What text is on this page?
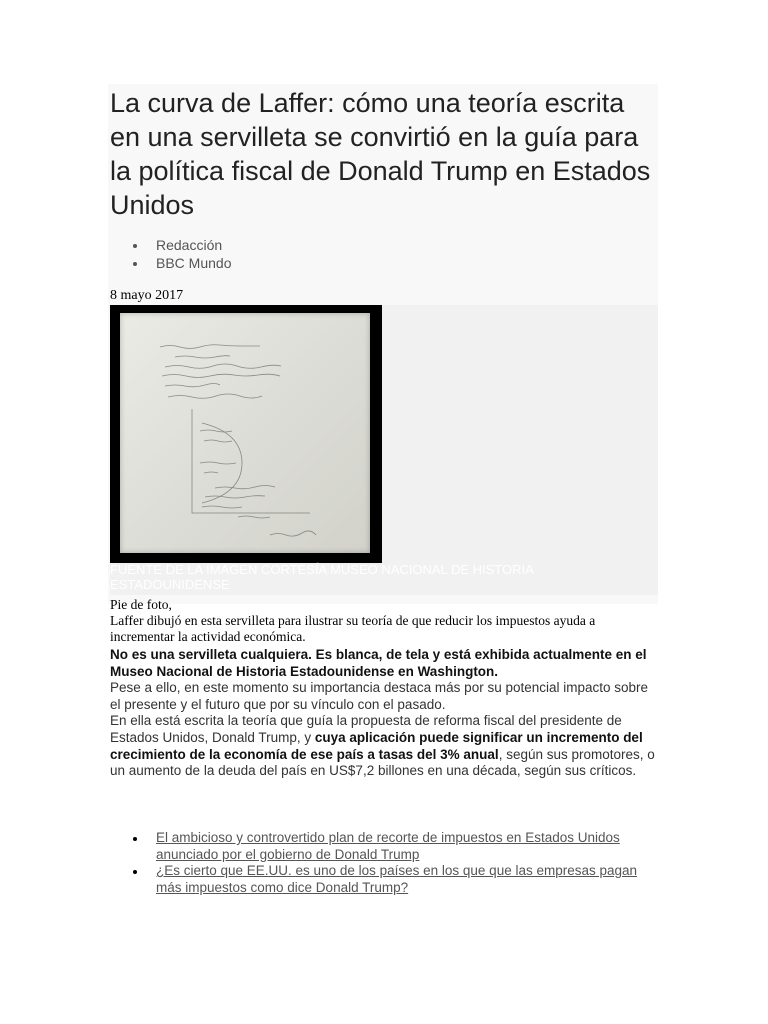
La curva de Laffer: cómo una teoría escrita en una servilleta se convirtió en la guía para la política fiscal de Donald Trump en Estados Unidos
Redacción
BBC Mundo
8 mayo 2017
FUENTE DE LA IMAGEN CORTESÍA MUSEO NACIONAL DE HISTORIA ESTADOUNIDENSE
Pie de foto,
Laffer dibujó en esta servilleta para ilustrar su teoría de que reducir los impuestos ayuda a incrementar la actividad económica.

No es una servilleta cualquiera. Es blanca, de tela y está exhibida actualmente en el Museo Nacional de Historia Estadounidense en Washington.

Pese a ello, en este momento su importancia destaca más por su potencial impacto sobre el presente y el futuro que por su vínculo con el pasado.

En ella está escrita la teoría que guía la propuesta de reforma fiscal del presidente de Estados Unidos, Donald Trump, y cuya aplicación puede significar un incremento del crecimiento de la economía de ese país a tasas del 3% anual, según sus promotores, o un aumento de la deuda del país en US$7,2 billones en una década, según sus críticos.

El ambicioso y controvertido plan de recorte de impuestos en Estados Unidos anunciado por el gobierno de Donald Trump
¿Es cierto que EE.UU. es uno de los países en los que que las empresas pagan más impuestos como dice Donald Trump?
